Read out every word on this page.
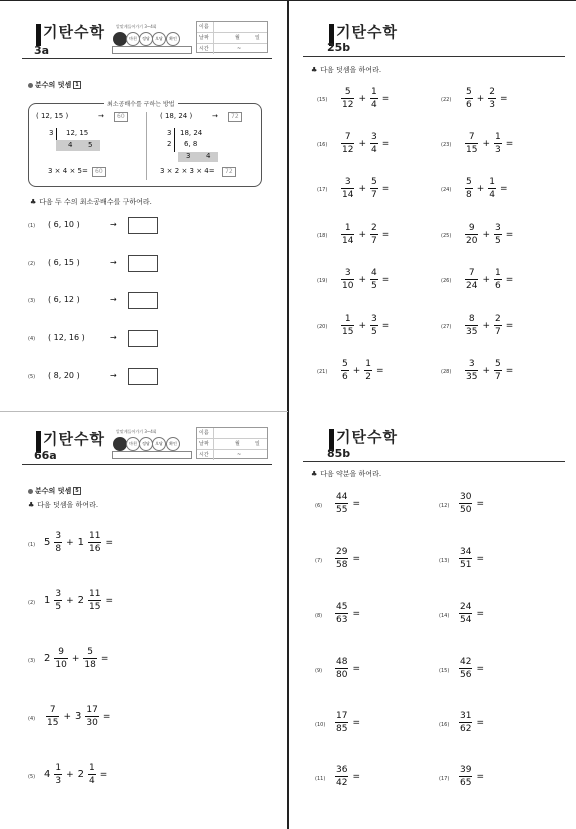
기탄수학
3a
알맞게들어가기 3~4회
마친	정답	오답	확인
이름
날짜	월	일
시간	~
분수의 덧셈 1
최소공배수를 구하는 방법
( 12, 15 )	→	60
3 12, 15
4 5
3 × 4 × 5=	60
( 18, 24 )	→	72
3
2
18, 24
6, 8
3 4
3 × 2 × 3 × 4=	72
♣ 다음 두 수의 최소공배수를 구하여라.
(1) ( 6, 10 )	→
(2) ( 6, 15 )	→
(3) ( 6, 12 )	→
(4) ( 12, 16 )	→
(5) ( 8, 20 )	→
기탄수학
25b
♣ 다음 덧셈을 하여라.
(15)
5
12
+
1
4
=
(16)
7
12
+
3
4
=
(17)
3
14
+
5
7
=
(18)
1
14
+
2
7
=
(19)
3
10
+
4
5
=
(20)
1
15
+
3
5
=
(21)
5
6
+
1
2
=
(22)
5
6
+
2
3
=
(23)
7
15
+
1
3
=
(24)
5
8
+
1
4
=
(25)
9
20
+
3
5
=
(26)
7
24
+
1
6
=
(27)
8
35
+
2
7
=
(28)
3
35
+
5
7
=
기탄수학
66a
알맞게들어가기 3~4회
마친	정답	오답	확인
이름
날짜	월	일
시간	~
분수의 덧셈 5
♣ 다음 덧셈을 하여라.
(1) 5
3
8
+ 1
11
16
=
(2) 1
3
5
+ 2
11
15
=
(3) 2
9
10
+
5
18
=
(4)
7
15
+ 3
17
30
=
(5) 4
1
3
+ 2
1
4
=
기탄수학
85b
♣ 다음 약분을 하여라.
(6)
44
55
=
(7)
29
58
=
(8)
45
63
=
(9)
48
80
=
(10)
17
85
=
(11)
36
42
=
(12)
30
50
=
(13)
34
51
=
(14)
24
54
=
(15)
42
56
=
(16)
31
62
=
(17)
39
65
=
